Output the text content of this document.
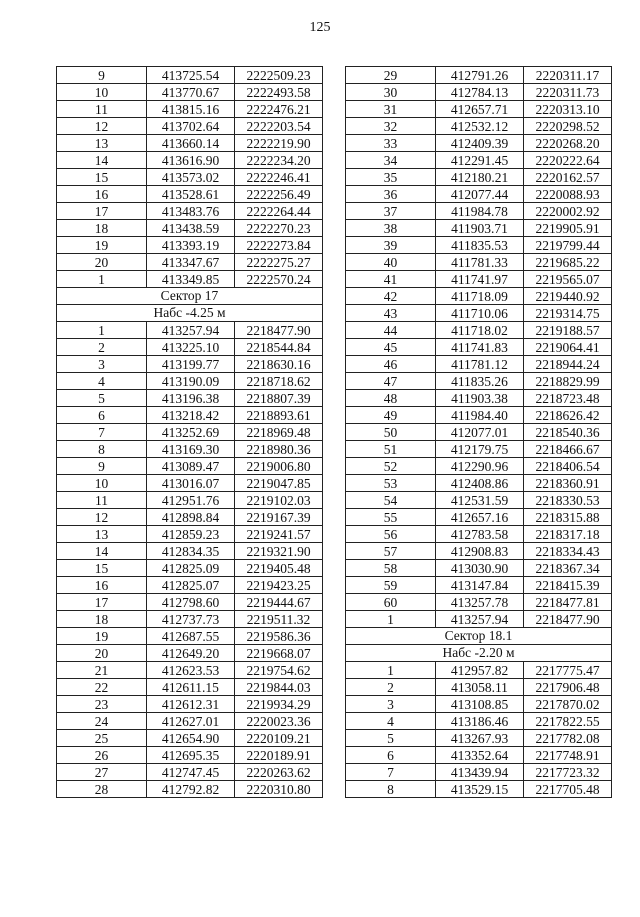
125
9	413725.54	2222509.23
10	413770.67	2222493.58
11	413815.16	2222476.21
12	413702.64	2222203.54
13	413660.14	2222219.90
14	413616.90	2222234.20
15	413573.02	2222246.41
16	413528.61	2222256.49
17	413483.76	2222264.44
18	413438.59	2222270.23
19	413393.19	2222273.84
20	413347.67	2222275.27
1	413349.85	2222570.24
Сектор 17		
Набс -4.25 м		
1	413257.94	2218477.90
2	413225.10	2218544.84
3	413199.77	2218630.16
4	413190.09	2218718.62
5	413196.38	2218807.39
6	413218.42	2218893.61
7	413252.69	2218969.48
8	413169.30	2218980.36
9	413089.47	2219006.80
10	413016.07	2219047.85
11	412951.76	2219102.03
12	412898.84	2219167.39
13	412859.23	2219241.57
14	412834.35	2219321.90
15	412825.09	2219405.48
16	412825.07	2219423.25
17	412798.60	2219444.67
18	412737.73	2219511.32
19	412687.55	2219586.36
20	412649.20	2219668.07
21	412623.53	2219754.62
22	412611.15	2219844.03
23	412612.31	2219934.29
24	412627.01	2220023.36
25	412654.90	2220109.21
26	412695.35	2220189.91
27	412747.45	2220263.62
28	412792.82	2220310.80
29	412791.26	2220311.17
30	412784.13	2220311.73
31	412657.71	2220313.10
32	412532.12	2220298.52
33	412409.39	2220268.20
34	412291.45	2220222.64
35	412180.21	2220162.57
36	412077.44	2220088.93
37	411984.78	2220002.92
38	411903.71	2219905.91
39	411835.53	2219799.44
40	411781.33	2219685.22
41	411741.97	2219565.07
42	411718.09	2219440.92
43	411710.06	2219314.75
44	411718.02	2219188.57
45	411741.83	2219064.41
46	411781.12	2218944.24
47	411835.26	2218829.99
48	411903.38	2218723.48
49	411984.40	2218626.42
50	412077.01	2218540.36
51	412179.75	2218466.67
52	412290.96	2218406.54
53	412408.86	2218360.91
54	412531.59	2218330.53
55	412657.16	2218315.88
56	412783.58	2218317.18
57	412908.83	2218334.43
58	413030.90	2218367.34
59	413147.84	2218415.39
60	413257.78	2218477.81
1	413257.94	2218477.90
Сектор 18.1		
Набс -2.20 м		
1	412957.82	2217775.47
2	413058.11	2217906.48
3	413108.85	2217870.02
4	413186.46	2217822.55
5	413267.93	2217782.08
6	413352.64	2217748.91
7	413439.94	2217723.32
8	413529.15	2217705.48
